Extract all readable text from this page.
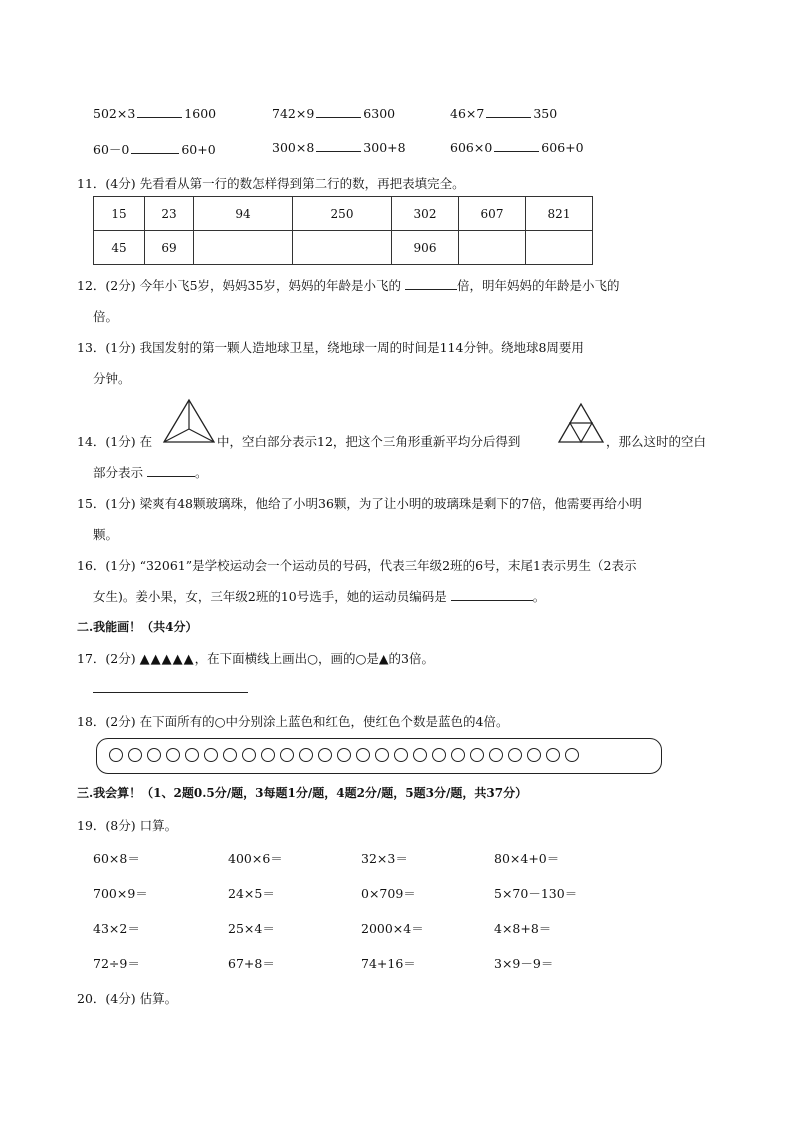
502×3	1600	742×9	6300	46×7	350
60－0	60+0	300×8	300+8	606×0	606+0
11．(4分) 先看看从第一行的数怎样得到第二行的数，再把表填完全。
15	23	94	250	302	607	821
45	69			906		
12．(2分) 今年小飞5岁，妈妈35岁，妈妈的年龄是小飞的	倍，明年妈妈的年龄是小飞的
倍。
13．(1分) 我国发射的第一颗人造地球卫星，绕地球一周的时间是114分钟。绕地球8周要用
分钟。
14．(1分) 在	中，空白部分表示12，把这个三角形重新平均分后得到	，那么这时的空白
部分表示	。
15．(1分) 梁爽有48颗玻璃珠，他给了小明36颗，为了让小明的玻璃珠是剩下的7倍，他需要再给小明
颗。
16．(1分) “32061”是学校运动会一个运动员的号码，代表三年级2班的6号，末尾1表示男生（2表示
女生)。姜小果，女，三年级2班的10号选手，她的运动员编码是	。
二.我能画！（共4分）
17．(2分) ▲▲▲▲▲，在下面横线上画出○，画的○是▲的3倍。
18．(2分) 在下面所有的○中分别涂上蓝色和红色，使红色个数是蓝色的4倍。
三.我会算！（1、2题0.5分/题，3每题1分/题，4题2分/题，5题3分/题，共37分）
19．(8分) 口算。
60×8＝	400×6＝	32×3＝	80×4+0＝
700×9＝	24×5＝	0×709＝	5×70－130＝
43×2＝	25×4＝	2000×4＝	4×8+8＝
72÷9＝	67+8＝	74+16＝	3×9－9＝
20．(4分) 估算。
